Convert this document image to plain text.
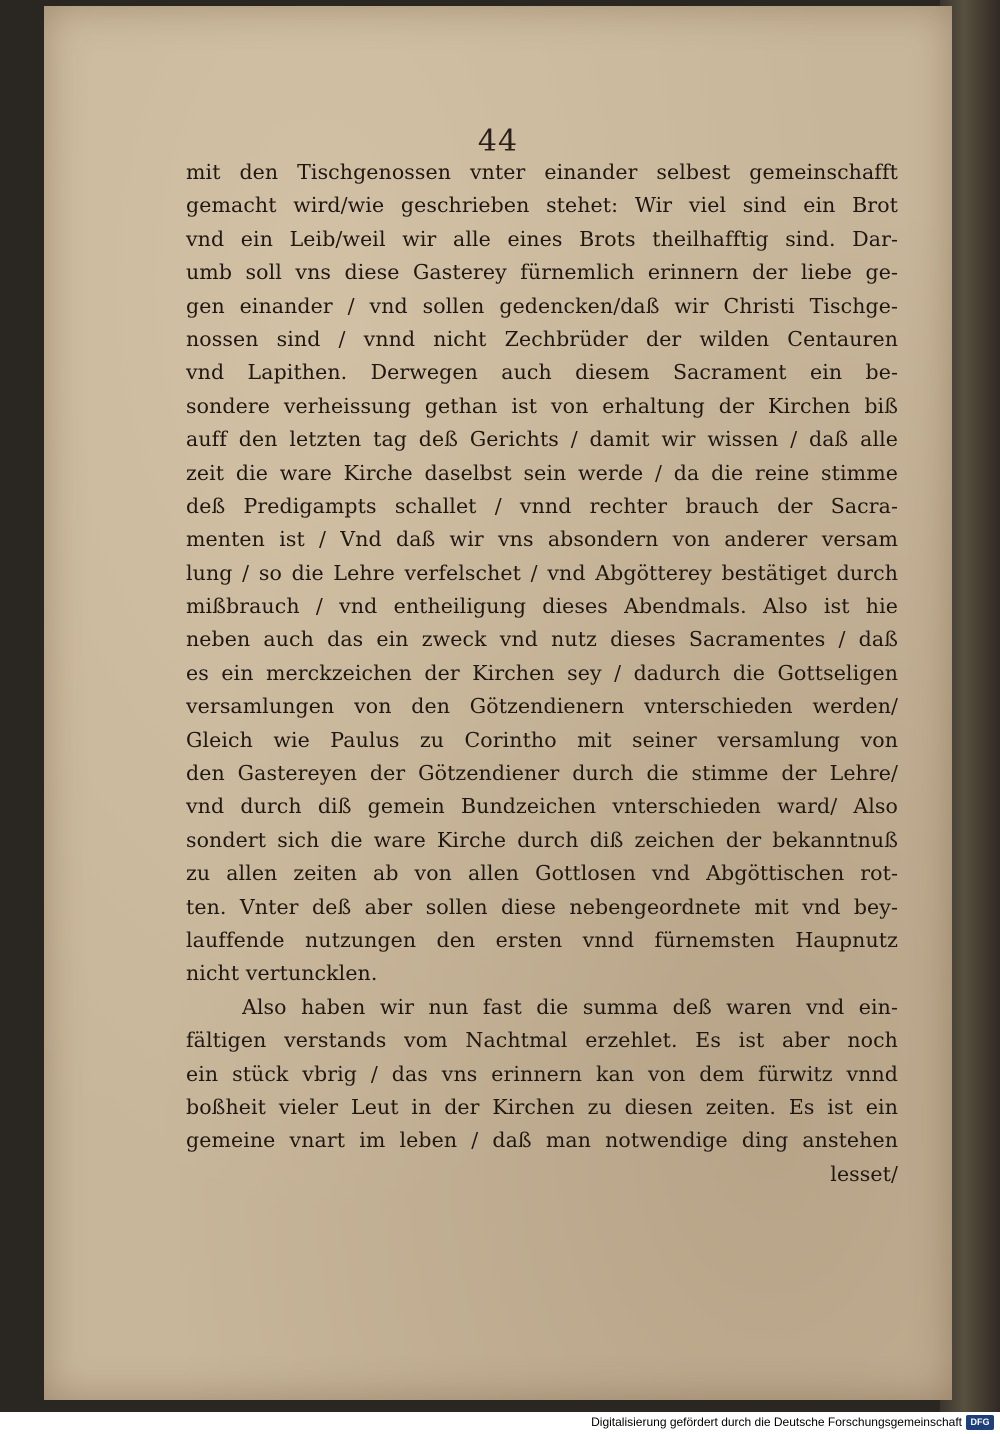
44
mit den Tischgenossen vnter einander selbest gemeinschafft
gemacht wird/wie geschrieben stehet: Wir viel sind ein Brot
vnd ein Leib/weil wir alle eines Brots theilhafftig sind. Dar-
umb soll vns diese Gasterey fürnemlich erinnern der liebe ge-
gen einander / vnd sollen gedencken/daß wir Christi Tischge-
nossen sind / vnnd nicht Zechbrüder der wilden Centauren
vnd Lapithen. Derwegen auch diesem Sacrament ein be-
sondere verheissung gethan ist von erhaltung der Kirchen biß
auff den letzten tag deß Gerichts / damit wir wissen / daß alle
zeit die ware Kirche daselbst sein werde / da die reine stimme
deß Predigampts schallet / vnnd rechter brauch der Sacra-
menten ist / Vnd daß wir vns absondern von anderer versam
lung / so die Lehre verfelschet / vnd Abgötterey bestätiget durch
mißbrauch / vnd entheiligung dieses Abendmals. Also ist hie
neben auch das ein zweck vnd nutz dieses Sacramentes / daß
es ein merckzeichen der Kirchen sey / dadurch die Gottseligen
versamlungen von den Götzendienern vnterschieden werden/
Gleich wie Paulus zu Corintho mit seiner versamlung von
den Gastereyen der Götzendiener durch die stimme der Lehre/
vnd durch diß gemein Bundzeichen vnterschieden ward/ Also
sondert sich die ware Kirche durch diß zeichen der bekanntnuß
zu allen zeiten ab von allen Gottlosen vnd Abgöttischen rot-
ten. Vnter deß aber sollen diese nebengeordnete mit vnd bey-
lauffende nutzungen den ersten vnnd fürnemsten Haupnutz
nicht vertuncklen.
Also haben wir nun fast die summa deß waren vnd ein-
fältigen verstands vom Nachtmal erzehlet. Es ist aber noch
ein stück vbrig / das vns erinnern kan von dem fürwitz vnnd
boßheit vieler Leut in der Kirchen zu diesen zeiten. Es ist ein
gemeine vnart im leben / daß man notwendige ding anstehen
lesset/
Digitalisierung gefördert durch die Deutsche Forschungsgemeinschaft DFG
